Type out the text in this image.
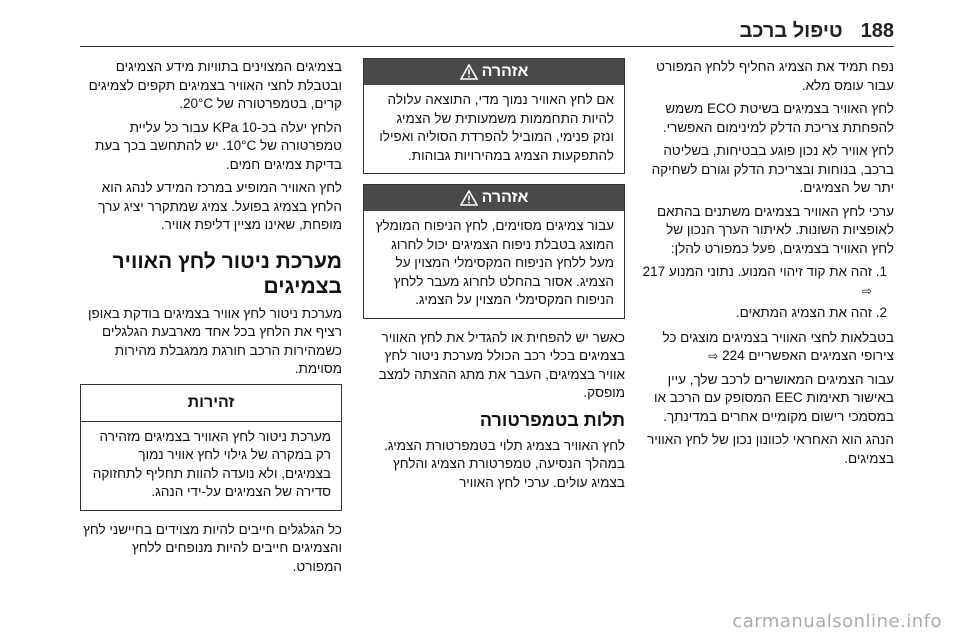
188
טיפול ברכב

נפח תמיד את הצמיג החליף ללחץ המפורט עבור עומס מלא.

לחץ האוויר בצמיגים בשיטת ECO משמש להפחתת צריכת הדלק למינימום האפשרי.

לחץ אוויר לא נכון פוגע בבטיחות, בשליטה ברכב, בנוחות ובצריכת הדלק וגורם לשחיקה יתר של הצמיגים.

ערכי לחץ האוויר בצמיגים משתנים בהתאם לאופציות השונות. לאיתור הערך הנכון של לחץ האוויר בצמיגים, פעל כמפורט להלן:

1. זהה את קוד זיהוי המנוע. נתוני המנוע 217 ⇨
2. זהה את הצמיג המתאים.

בטבלאות לחצי האוויר בצמיגים מוצגים כל צירופי הצמיגים האפשריים 224 ⇨

עבור הצמיגים המאושרים לרכב שלך, עיין באישור תאימות EEC המסופק עם הרכב או במסמכי רישום מקומיים אחרים במדינתך.

הנהג הוא האחראי לכוונון נכון של לחץ האוויר בצמיגים.

אזהרה
אם לחץ האוויר נמוך מדי, התוצאה עלולה להיות התחממות משמעותית של הצמיג ונזק פנימי, המוביל להפרדת הסוליה ואפילו להתפקעות הצמיג במהירויות גבוהות.
אזהרה
עבור צמיגים מסוימים, לחץ הניפוח המומלץ המוצג בטבלת ניפוח הצמיגים יכול לחרוג מעל ללחץ הניפוח המקסימלי המצוין על הצמיג. אסור בהחלט לחרוג מעבר ללחץ הניפוח המקסימלי המצוין על הצמיג.

כאשר יש להפחית או להגדיל את לחץ האוויר בצמיגים בכלי רכב הכולל מערכת ניטור לחץ אוויר בצמיגים, העבר את מתג ההצתה למצב מופסק.

תלות בטמפרטורה

לחץ האוויר בצמיג תלוי בטמפרטורת הצמיג. במהלך הנסיעה, טמפרטורת הצמיג והלחץ בצמיג עולים. ערכי לחץ האוויר

בצמיגים המצוינים בתוויות מידע הצמיגים ובטבלת לחצי האוויר בצמיגים תקפים לצמיגים קרים, בטמפרטורה של 20°C.

הלחץ יעלה בכ-10 KPa עבור כל עליית טמפרטורה של 10°C. יש להתחשב בכך בעת בדיקת צמיגים חמים.

לחץ האוויר המופיע במרכז המידע לנהג הוא הלחץ בצמיג בפועל. צמיג שמתקרר יציג ערך מופחת, שאינו מציין דליפת אוויר.

מערכת ניטור לחץ האוויר בצמיגים

מערכת ניטור לחץ אוויר בצמיגים בודקת באופן רציף את הלחץ בכל אחד מארבעת הגלגלים כשמהירות הרכב חורגת ממגבלת מהירות מסוימת.

זהירות
מערכת ניטור לחץ האוויר בצמיגים מזהירה רק במקרה של גילוי לחץ אוויר נמוך בצמיגים, ולא נועדה להוות תחליף לתחזוקה סדירה של הצמיגים על-ידי הנהג.

כל הגלגלים חייבים להיות מצוידים בחיישני לחץ והצמיגים חייבים להיות מנופחים ללחץ המפורט.

carmanualsonline.info
